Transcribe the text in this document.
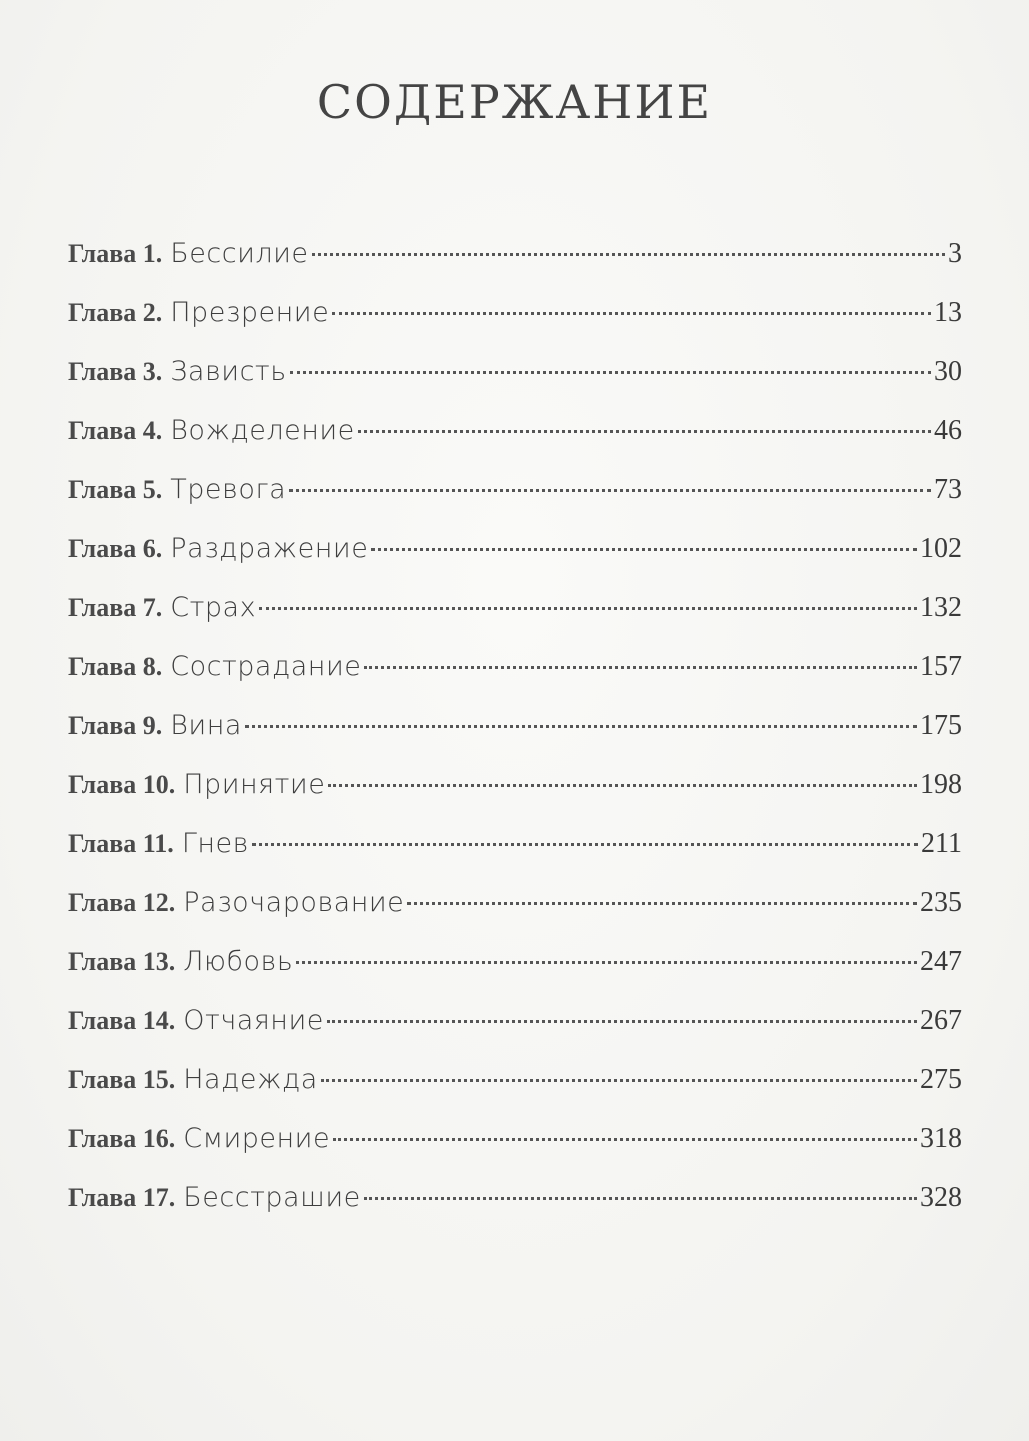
СОДЕРЖАНИЕ
Глава 1. Бессилие	3
Глава 2. Презрение	13
Глава 3. Зависть	30
Глава 4. Вожделение	46
Глава 5. Тревога	73
Глава 6. Раздражение	102
Глава 7. Страх	132
Глава 8. Сострадание	157
Глава 9. Вина	175
Глава 10. Принятие	198
Глава 11. Гнев	211
Глава 12. Разочарование	235
Глава 13. Любовь	247
Глава 14. Отчаяние	267
Глава 15. Надежда	275
Глава 16. Смирение	318
Глава 17. Бесстрашие	328
